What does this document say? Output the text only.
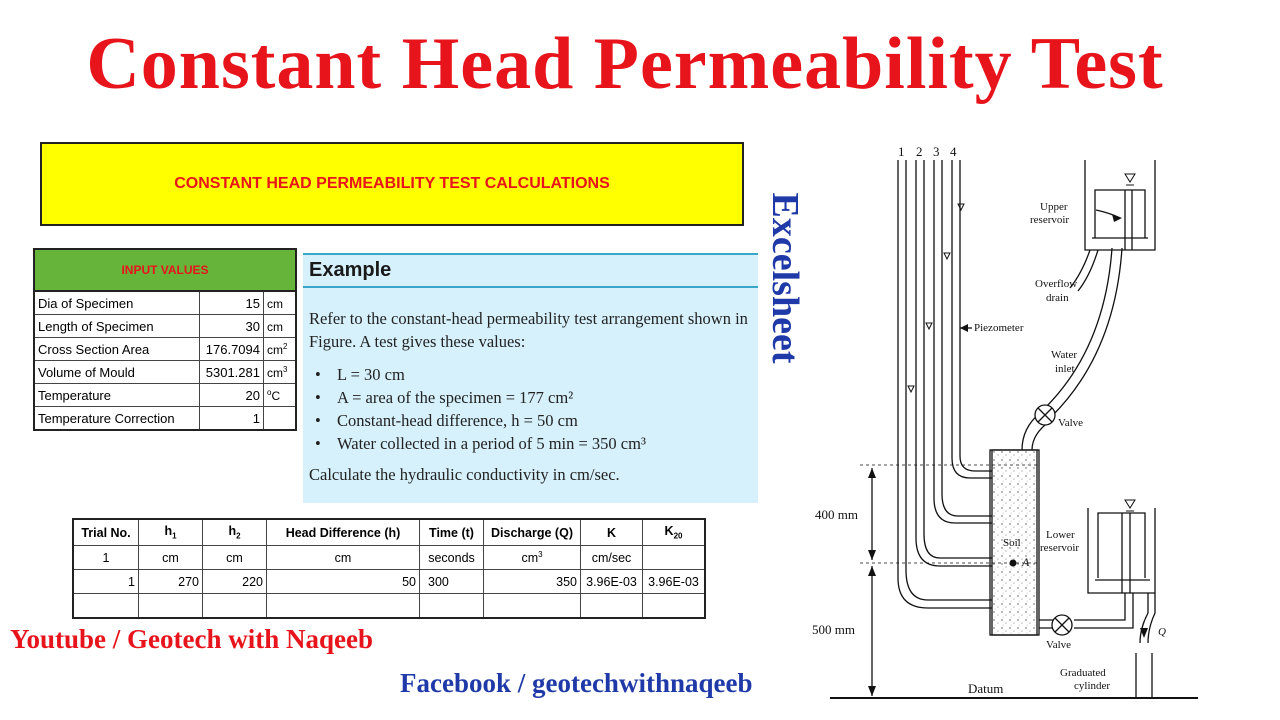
Constant Head Permeability Test
CONSTANT HEAD PERMEABILITY TEST CALCULATIONS
INPUT VALUES		
Dia of Specimen	15	cm
Length of Specimen	30	cm
Cross Section Area	176.7094	$cm^2$
Volume of Mould	5301.281	$cm^3$
Temperature	20	$^o$C
Temperature Correction	1	
Example
Refer to the constant-head permeability test arrangement shown in Figure. A test gives these values:
• L = 30 cm
• A = area of the specimen = 177 cm²
• Constant-head difference, h = 50 cm
• Water collected in a period of 5 min = 350 cm³
Calculate the hydraulic conductivity in cm/sec.
Trial No.	$h_1$	$h_2$	Head Difference (h)	Time (t)	Discharge (Q)	K	$K_{20}$
1	cm	cm	cm	seconds	$cm^3$	cm/sec	
1	270	220	50	300	350	3.96E-03	3.96E-03

Excelsheet
Youtube / Geotech with Naqeeb
Facebook / geotechwithnaqeeb
1 2 3 4
Upper
reservoir
Overflow
drain
Piezometer
Water
inlet
Valve
400 mm
500 mm
Soil
A
Lower
reservoir
Valve
Q
Graduated
cylinder
Datum
